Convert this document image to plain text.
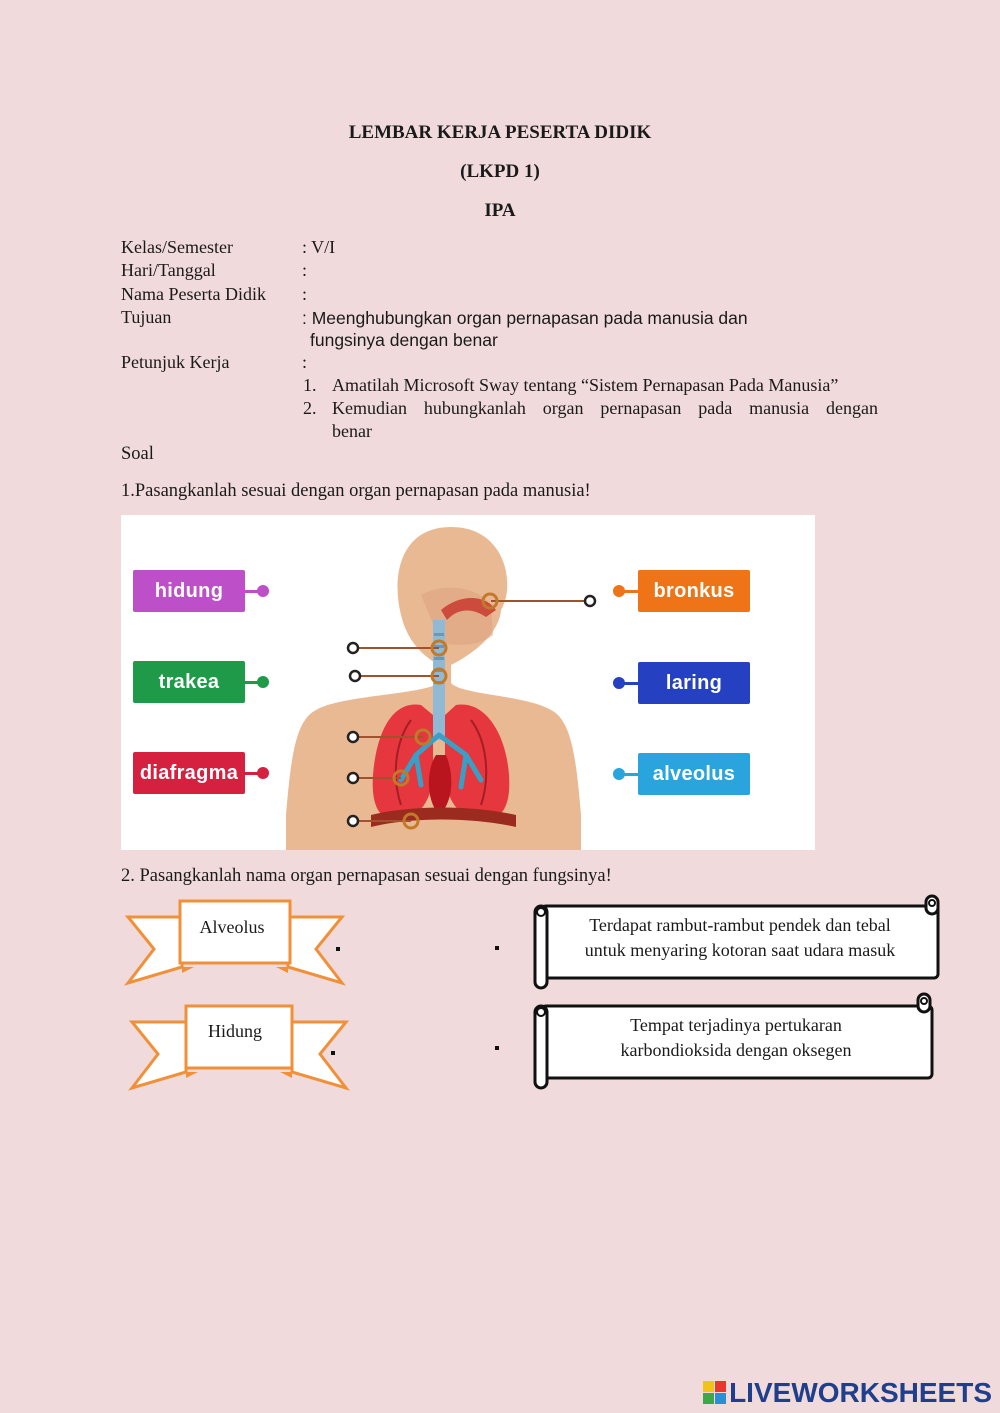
LEMBAR KERJA PESERTA DIDIK
(LKPD 1)
IPA
Kelas/Semester	: V/I
Hari/Tanggal	:
Nama Peserta Didik :
Tujuan	: Meenghubungkan organ pernapasan pada manusia dan
fungsinya dengan benar
Petunjuk Kerja	:
1. Amatilah Microsoft Sway tentang “Sistem Pernapasan Pada Manusia”
2. Kemudian hubungkanlah organ pernapasan pada manusia dengan
benar
Soal
1.Pasangkanlah sesuai dengan organ pernapasan pada manusia!
hidung
trakea
diafragma
bronkus
laring
alveolus
2. Pasangkanlah nama organ pernapasan sesuai dengan fungsinya!
Alveolus
Hidung
Terdapat rambut-rambut pendek dan tebal
untuk menyaring kotoran saat udara masuk
Tempat terjadinya pertukaran
karbondioksida dengan oksegen
LIVEWORKSHEETS
